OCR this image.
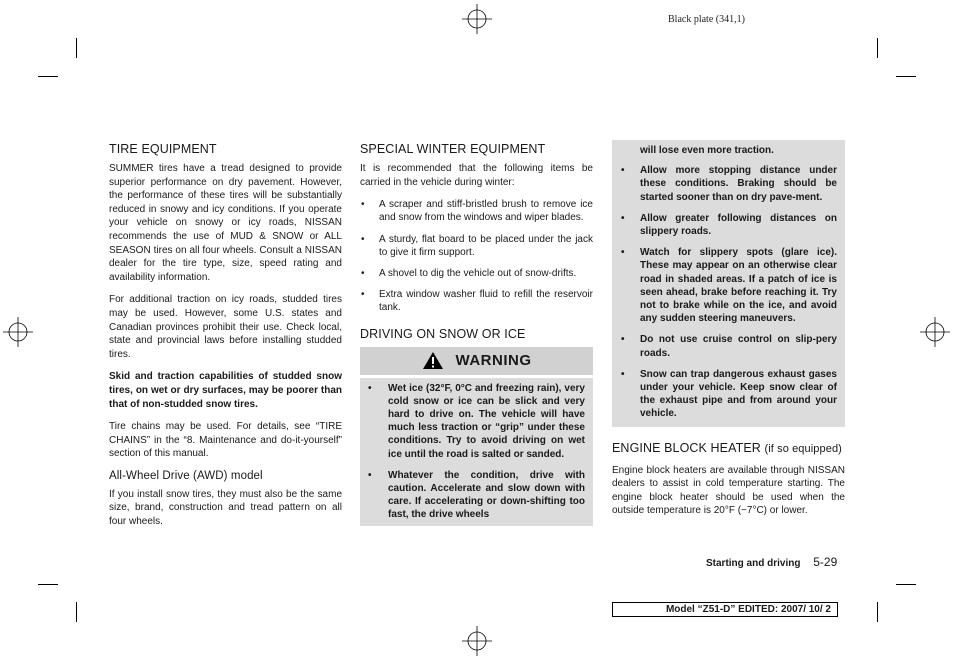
Black plate (341,1)
TIRE EQUIPMENT

SUMMER tires have a tread designed to provide superior performance on dry pavement. However, the performance of these tires will be substantially reduced in snowy and icy conditions. If you operate your vehicle on snowy or icy roads, NISSAN recommends the use of MUD & SNOW or ALL SEASON tires on all four wheels. Consult a NISSAN dealer for the tire type, size, speed rating and availability information.

For additional traction on icy roads, studded tires may be used. However, some U.S. states and Canadian provinces prohibit their use. Check local, state and provincial laws before installing studded tires.

Skid and traction capabilities of studded snow tires, on wet or dry surfaces, may be poorer than that of non-studded snow tires.

Tire chains may be used. For details, see “TIRE CHAINS” in the “8. Maintenance and do-it-yourself” section of this manual.

All-Wheel Drive (AWD) model

If you install snow tires, they must also be the same size, brand, construction and tread pattern on all four wheels.

SPECIAL WINTER EQUIPMENT

It is recommended that the following items be carried in the vehicle during winter:

• A scraper and stiff-bristled brush to remove ice and snow from the windows and wiper blades.
• A sturdy, flat board to be placed under the jack to give it firm support.
• A shovel to dig the vehicle out of snow-drifts.
• Extra window washer fluid to refill the reservoir tank.
DRIVING ON SNOW OR ICE
WARNING
• Wet ice (32°F, 0°C and freezing rain), very cold snow or ice can be slick and very hard to drive on. The vehicle will have much less traction or “grip” under these conditions. Try to avoid driving on wet ice until the road is salted or sanded.
• Whatever the condition, drive with caution. Accelerate and slow down with care. If accelerating or down-shifting too fast, the drive wheels
will lose even more traction.
• Allow more stopping distance under these conditions. Braking should be started sooner than on dry pave-ment.
• Allow greater following distances on slippery roads.
• Watch for slippery spots (glare ice). These may appear on an otherwise clear road in shaded areas. If a patch of ice is seen ahead, brake before reaching it. Try not to brake while on the ice, and avoid any sudden steering maneuvers.
• Do not use cruise control on slip-pery roads.
• Snow can trap dangerous exhaust gases under your vehicle. Keep snow clear of the exhaust pipe and from around your vehicle.
ENGINE BLOCK HEATER (if so equipped)

Engine block heaters are available through NISSAN dealers to assist in cold temperature starting. The engine block heater should be used when the outside temperature is 20°F (−7°C) or lower.

Starting and driving 5-29
Model “Z51-D” EDITED: 2007/ 10/ 2
